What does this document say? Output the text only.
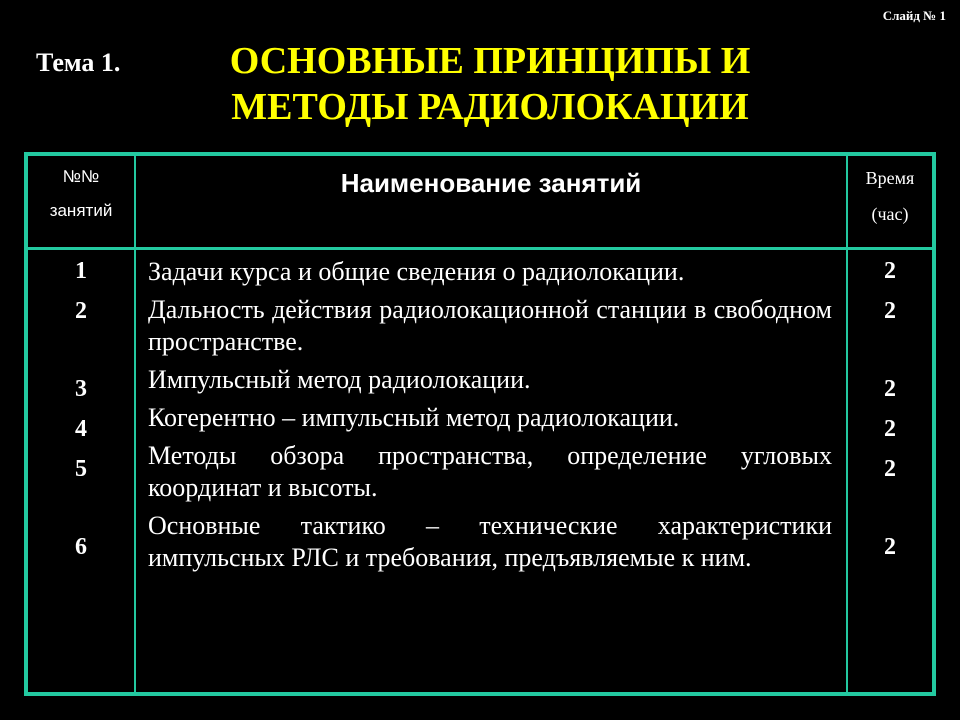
Слайд № 1
Тема 1.	ОСНОВНЫЕ ПРИНЦИПЫ И
МЕТОДЫ РАДИОЛОКАЦИИ
№№
занятий
Наименование занятий	Время
(час)
1
2
3
4
5
6

Задачи курса и общие сведения о радиолокации.

Дальность действия радиолокационной станции в свободном пространстве.

Импульсный метод радиолокации.

Когерентно – импульсный метод радиолокации.

Методы обзора пространства, определение угловых координат и высоты.

Основные тактико – технические характеристики импульсных РЛС и требования, предъявляемые к ним.

2
2
2
2
2
2
